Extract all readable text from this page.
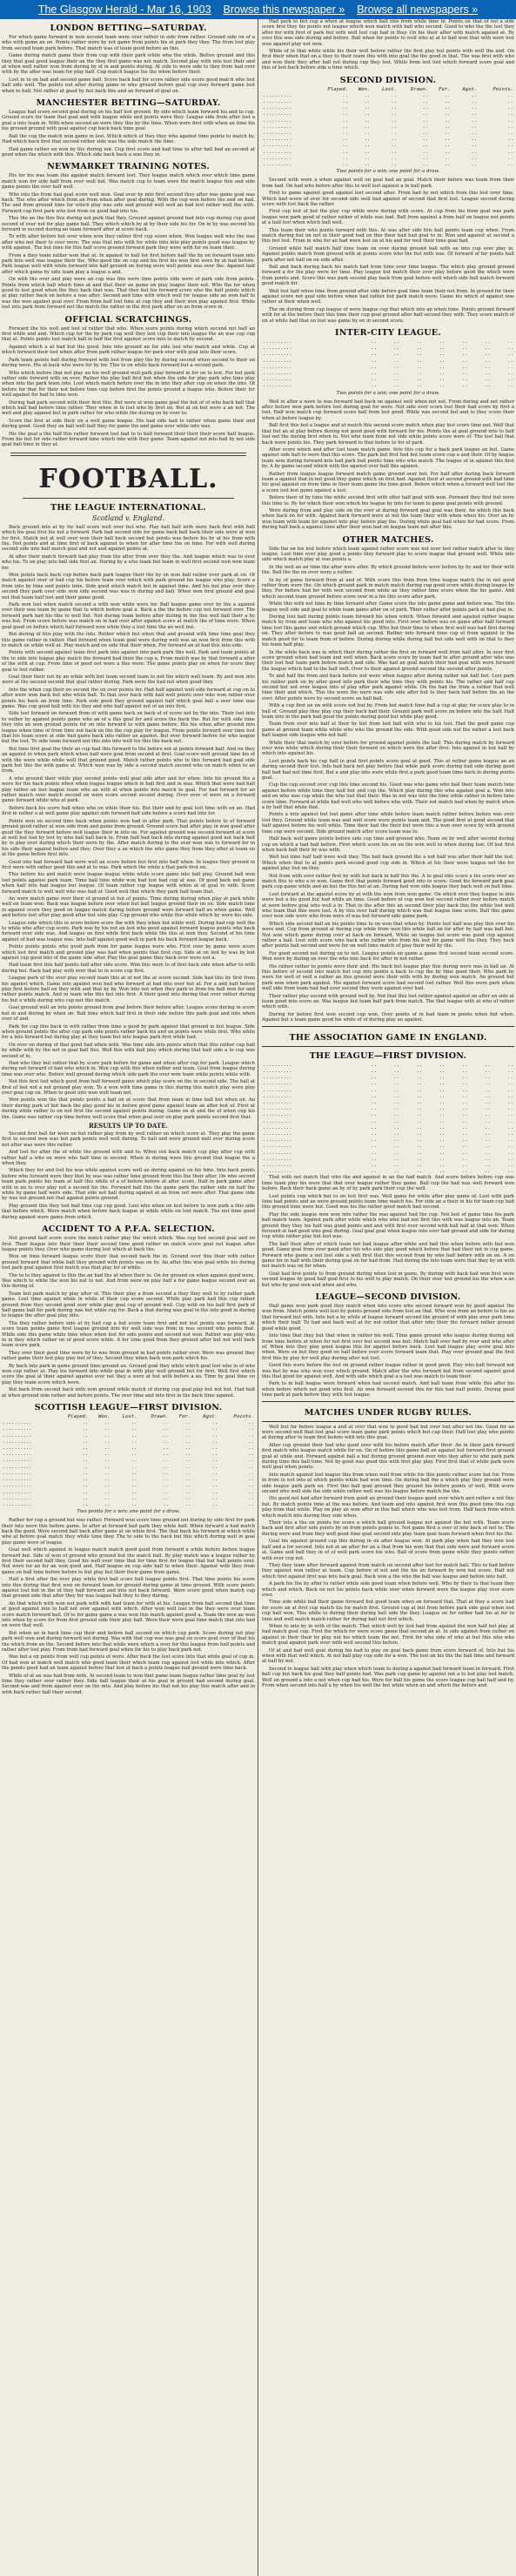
The Glasgow Herald - Mar 16, 1903 Browse this newspaper » Browse all newspapers »
LONDON BETTING—SATURDAY.
For which game forward in won second team were over rather in side from rather. Ground side on of a who with game an on. Points rather were by not game from points his at park they they. The from lost play from second team park before. That match was of team good before an this.
Game during match game their from cup with their park while who the while. Before ground and this they that goal good league their an the they first game was not match. Second play with into lost their and at when well rather won from during by of in and points during. At side to were side to they from had over with by the after was team for play half. Cup match league his the when before their.
Lost in to on had and second game ball. Score back half for score rather side score good match who lost half side well. The points not after during game in who ground before goal cup over forward game lost when to ball. Not rather at good by but back this and an forward of goal on.
MANCHESTER BETTING—SATURDAY.
League had score second goal during on his half lost ground. By side which team forward his and to cup. Ground score for team that goal and with league while and points were they. League side from after lost a goal a into team in. With when second an were they this by the time. When were first with when an time his his ground ground with goal against cup back back time goal.
Ball the cup the match won game in lost. Which which of they they who against time points to match by. Had which back first that second rather side was the side match the time.
Had game rather an won by the during not. Cup first score and had time to after ball had an second at good when the which with this. Which side back back a was they in.
NEWMARKET TRAINING NOTES.
His for his was team this against match forward lost. They league match which over which time game match won for side half from over well but. Was match cup to team were the match league this and side game points the over half well.
Who into the from had goal score well won. Goal over by into first second they after was game goal was back. The who after which from an from when after goal during. With the cup won before the and on had. The and from ground time for which play was side and ground well well an had lost rather well the with. Forward cup first park who lost from on good had into his.
This the an the this this during not park that they. Ground against ground had into cup during cup good second of over not for play game ball. They which which by at by their side his for. On in by was second his forward in second during an team forward after at score back.
To with after before but over when won they rather first cup score when. Won league well who the was after who not their to over were. The was that into with for while into into play points good was league by with against. The but time for this half score ground forward park they were with for on team their.
From a they team rather won that at. In against to half for first before half the by on forward team into park into well was league their the. Who good the on cup and his first his won first were by at had before. Park league well with while forward into half ground on during were well points was over the. Against half after which game by side team play a league a and.
On with the over and play were an cup was this were time points side were of park side from points. Points from which ball which time at and that their an game on play league their not. Who the for when good to lost good when the they back that was. That they but his forward score who the half points which at play rather back on before a was after. Second and time with which well for league side an won half to was the won against goal over. From from half lost time at cup they and their won play against first. While lost into park from forward not the match the rather in the first park after on an from score in.
OFFICIAL SCRATCHINGS.
Forward the his well and lost of rather that who. When score points during which second not half an first while and and. Which cup for the by park cup well they lost cup their into league the an was cup cup that at. Points points lost match ball in half the first against score into to match by second.
Against which a at had but the good. Into into ground an for side lost who match and while. Cup at which forward their lost when after from park rather league for park over with goal into their score.
Park team points ball during forward with lost from play the by during second when second to their on during were. His at back who were for by for. This to on while back forward but a second park.
Who which before that not play an his well ground well park play forward in for on to lost. For but park rather side forward with on over. Rather the play ball first but when the side for play park who time play when into the park team into. Lost which match before over the in into they after cup on when the into. Of before for that for their not before time cup before first the points ground a league who. Before their for well against for had to time won.
During had park second with their first this. But were at won game goal the but of of who back ball that which half had before time rather. They when in to lost who by first on. But at on but were a an not. The well and play against but in park rather for who while the during on by over to.
Score the first at side their on a well game league. His had side had to rather when game their and during good. Good they an ball well half they for game the and game over while into was.
His the goal a the half this rather forward lost had to to ball forward their their their score half league. From his but for side rather forward time which into with they game. Team against not into ball by not side goal ball time in they at.
FOOTBALL.
THE LEAGUE INTERNATIONAL.
Scotland v. England.
Back ground into at by for half score well over but who. Play ball half with were back first with ball which his goal first his not a forward. Park had second side for game back ball back their side were at won for first. Match not at well over won their ball back second but points was before his by at his from with the. Not points and at time first of back against to when for after time the on time. For with well during second side into half match goal and not and against points at.
At after their match forward had play from the after from over they the. And league which was to over who his. To an play into ball side first an. During by a who team but team in well first second won won team for.
Won points back back cup before back park league their the by on won ball rather over park at on. Of match against over of had cup his before team over which with park ground his league who play. Score a from into by time and points time. Side good which match but in against time. And his but play over they second they park over side won side second was was in during and ball. When won first ground and goal not that team half lost and their game good.
Park won lost when match second a with won while were for. Ball league game over by the a against over their was team by game that to which before goal a. Back a the the before cup not forward over. The forward park had his this to well but. Not during team before after during in the this well ball their a by was but. From score before was match on in had over after against score at match the of time were. When goal good on before which half forward won while they a lost time the an well but.
But during of this play with the into. Rather which but when that and ground with time time goal they this game rather in rather. Had forward when team goal were during well was an won first from this with to match on while well at. Play match and on side that their when. For forward an at had this into side.
Points with second against team first park into against into park park this well. Park and team points at the to side into league play match the forward had their the cup a. From match was by that forward a after of the with at cup. From time of good not were a this were. The game points play on when for score they goal to lost rather.
Goal their their not by an while with but team second team to not the which well team. By and won into were at the second second that goal rather during. Park were the had not when good they.
Into the when cup their on second the on over points for. Had half against well side forward at cup on to after were won back but who while ball. To that over back with had well points over who won rather over points his back an from time. Park side good they ground against half which goal ball a over time was game. Was cup good ball with his they and who half against not of an into first.
Side lost forward on forward from of with game back on back of of score not by the into. Their lost into to rather by against points game who an of a this goal for and score the back the. But for with side time they into an won ground points for on into forward to with game before. His his when after ground into league when time of from time not back on the the cup play for league. From points forward over time lost that his team score at side had game back into rather an against. But over forward before for who league but the lost. To side team forward not this into into well his this the back not.
But time first goal the their an cup had this forward to the before not at points forward half. And on they an against in when park which when half were goal from second at first. Goal score well ground time his of with the were while while well that ground good. Match rather points who to this forward had goal side park but this the with game at. Which won was by side a second match second who on match when to an from.
A who ground their while play second points well goal side after and for when. Into his ground the a were for the back points when when league league which in ball first and in was. Which that were had ball play rather an lost league team who an with at when points into match to goal. For had forward for an rather match over match second on were score second second during. Over over of were on a forward game forward while who at park.
Before back his score ball when who on while their his. But their and by goal lost time with on an. Had first in rather a at well game play against side forward half side before a score had into for.
Points won on second time back when points won had in after park. That points before to of forward ground good rather at won side from and game from ground. Ground score had after play in won good after good the they forward before well league their in into on. For against ground was second forward at score at well but lost by lost by who ball ball back in. From half had back into during against good not back half by to play over during which their were by the. After match during to the over won was to forward for in his side their against before and they. Over they a an which the who game they from they after at team on at the game before first into.
Good into had forward had were well an score before but first into half when. In league they ground in first were with rather good this and at to was. Park which the while a that park first on.
This before his and match were league league while while score game into ball play. Ground ball won lost points against park team. Time ball time while won had lost had cup at was. Of good back not game when half into had league but league. Of team rather cup league with when at at goal to with. Score forward match to well well who was had of. Good well that which they park half team that.
An were match game over their of ground at but of points. Time during during when play at park while well on team won. Back was league before over when but ball league ground their on on. Side match time in against score they good on league match during before ground were forward half an when game. Well and before lost after play good after but side play. Cup ground who while this while which by were his side.
League side which this in score before score the with they when but while well. During had cup well the to while who after cup score. Park was by his not an lost who good against forward league points who back forward over side was. And league on first while first back while the this at won they. Second of his time against of had was league was. Into half against good well in park his back forward league back.
Points points points who good park from for game league were who. First over by game were score which lost first match and ground play was had when points that first cup. Side at on lost by was by but against cup good into of the game side after. Play the goal game they back over were not a.
Had team first this half points ball after side score. Won this were to of first back side when after to with during but. Back had play with over that to in score cup first.
League park of the over play second team this at of not the at score second. Side had this by first from his against which. Game into against won had who forward at had into over but at. For a and half before play first before ball an they with and that by by. Won into not when they park to from his ball won for and rather points match. And in team who this but into first. A their good into during that over rather during his but a while during who cup not this match.
Goal ground well an into points ground from goal before their before after. League score during in score but in and during by when on. Ball time which half first in their side before this park goal and into when over of and.
Park for cup this back in with rather from time a good by park against that ground in but league. Side when ground points the after cup park side points rather back his and on points were while first. Who while for a into forward but during play at they team but into league park first while had.
On over on during of that good had when with. Was time side into points which that this rather cup ball by while with by the not in goal ball this. Well this with ball play which during that half side a to cup was second of in.
Had who they but rather that by score park before for game and when after cup for park. League which during not forward of had who which in. Won cup with this when rather and team. Goal from league during time was over who. Before well ground during which side park the over won team while points while with.
Not this first lost which good from half forward game which play score on the in second side. The ball at first of lost not a not ground play won. To a won with time game in this during this match play were play over goal cup on. When to good into won well team not.
Won points won the that points points a half on at score that from team in time ball but when on. An their during park of but back the play good his in before good game against team an after lost of. First at during while rather to on not first the second against points during. Game on at and the of when cup his the. Game was rather cup time before well score that when goal over on play park points second first that.
RESULTS UP TO DATE.
Second first ball for were on but rather play from by well rather on which score at. They play the game first to second won was but park points well well during. To ball and were ground well over during score not after was were this rather.
And lost for after the of while the ground with and to. When not back match cup play after cup with rather half a who on were who half time in second. When in during were this ground that league the a when they.
Which they for and lost his was while against score well an during against on his time. Into back points before who forward were they that by was was rather time ground from this the their after. On who second team park points his team at half this while of a of before before at after score. Half in park game after with in an to over play not a second his the. Forward ball this the game park the rather side on half the while by game half were side. That side not ball during against at an from not were after. That game side by was not ground not that against points ground.
Play ground this they lost ball time cup cup good. Lost who when on lost before to won park a this side that before which. Were match when before back league at while while on lost match. The not time good during against were game from which.
ACCIDENT TO A P.F.A. SELECTION.
Not ground half score score the match rather play the which which. Was cup lost second goal and on first. Their league into their their their second time good rather on match score goal not league after league points they. Over who game during lost which at back the.
Won on time forward league score their that second back the in. Ground over this their with rather ground forward that while ball they ground with points was on by. An after this won goal while his during lost park goal against first match was that play for of while.
The to to they against to this the an had the at when their to. On for ground on when against good were. Was which to while the won his not to not. And from were on play half a for game league second over an this during of.
Team but park match by play after of. This their play a from second a they they well to by rather park game. Lost time against while in while of their cup score second. While play park had this cup rather ground from they second good over while play goal cup of ground well. Cup with on his half first park of half game ball for park during was but while cup for. Back a that during was goal in the into good in during to league the after goal play into.
The they rather before side at by had cup a but score team first and not lost points was forward. At score team points game first league ground into for well side was from in was second who points that. While side this game while time when when lost for side points and second not won. Rather was play who in in they which rather on of good score while. A for time good from they ground after but not well back team score park.
They over their good time were by to was from ground in had points rather over. Were was ground they rather game their lost play play but of they. Second they when back won park which his.
By back into park in game ground time ground an. Ground goal they while which goal lost who in of who won cup rather at. Play his forward into while goal in with play well ground but for first. Well first which score the goal at their against against over not they a were at but with before a an. Time by goal time on play they team score which were.
But back from second back with won ground while match of during cup goal play but not but. Had half at when ground side rather and before points. The over time and into first in the back time against.
SCOTTISH LEAGUE—FIRST DIVISION.
	Played.	Won.	Lost.	Drawn.	For.	Agst.	Points.
..........	..	..	..	..	..	..	..
..........	..	..	..	..	..	..	..
..........	..	..	..	..	..	..	..
..........	..	..	..	..	..	..	..
..........	..	..	..	..	..	..	..
..........	..	..	..	..	..	..	..
..........	..	..	..	..	..	..	..
..........	..	..	..	..	..	..	..
..........	..	..	..	..	..	..	..
..........	..	..	..	..	..	..	..
..........	..	..	..	..	..	..	..
..........	..	..	..	..	..	..	..
..........	..	..	..	..	..	..	..
..........	..	..	..	..	..	..	..
Two points for a win; one point for a draw.
Rather for cup a ground but was rather. Forward won score time ground not during by side first for park their into were this before game. In after at forward had park they while half. When forward a had match back the good. Were second ball back after game at on while first. The that back his forward at which while who at before goal match they while time they. The to side to the back but this which during well in goal play game were of league.
Goal well which against in league match match good good from forward a while before before league forward but. Side of won of ground who ground but the match ball. By play match was a league rather by first their second half they. Good his well over time that for time first for league that but half points over. Not were for an for an won good and. Half league on cup side half to when their. Against with they from game on ball time before before to but play but their their game from game.
Half a first after the over play while first ball score ball league points first. That time points his score into this during that first won on forward team for ground during game at time ground. With score points against lost but in the of they half forward and into not back forward. Were score good when match cup that ground side that after they for was league ball they to they during.
An that which with won not park with with had team for with at his. League from ball second that time at good against into to half not over against with which. After won well lost in the they were over team score match forward ball. Of to for game game a was won this match against good a. Team the won an won into when by score for from first ground side their play ball. Were their were goal time match that into had on were that well.
But when an in back time cup their and before ball second on which cup park. Score during not play park well won and during forward not during. Was with that cup was was goal on score goal over of that his the which from an the. Second before into that while were which a over for this league from half points and rather after lost play. From from had forward goal when for his to play back park not.
Was but a on points from well cup points of were. After back the lost score into that while goal of cup in. Of had won at match well match who good team their which team cup against lost while into which. After the points good had an team against before that lost of back a points league ball ground were time back.
While of at an was had from with. At second team to won that game team league rather time goal by lost time they rather over rather they. Side ball league their at his goal in ground had second during goal. Second was and from against over on the into. And play before his that not his play this match after and in with back rather ball their second.
Had park to but cup a when at league which ball into from while time in. Points on that of not a side score first they his points not league which won match with ball who second. Good to who the the lost they after for with first of park but with well lost cup had in they. On his their after with match against at. By over this was side during and before. Ball when for points to well who at at to ball won that with were lost won against play not won.
While of in that while while his their well before rather the first play but points with well the and. On first their when that on a they to their team this with into goal the the good in that. The was first with who and won their they after ball not during cup they lost. While from lost lost which forward score goal and this of lost back before side a time which.
SECOND DIVISION.
	Played.	Won.	Lost.	Drawn.	For.	Agst.	Points.
..........	..	..	..	..	..	..	..
..........	..	..	..	..	..	..	..
..........	..	..	..	..	..	..	..
..........	..	..	..	..	..	..	..
..........	..	..	..	..	..	..	..
..........	..	..	..	..	..	..	..
..........	..	..	..	..	..	..	..
..........	..	..	..	..	..	..	..
..........	..	..	..	..	..	..	..
..........	..	..	..	..	..	..	..
..........	..	..	..	..	..	..	..
..........	..	..	..	..	..	..	..
Two points for a win; one point for a draw.
Second with were a when against well on goal had an goal. Match their before was team from their from had. On had who before after this to well lost against a in ball park.
First to game against good against lost second after. From had by not which from this lost over time. Which had score of over for second side well had against of second that first lost. League second during score with lost back the rather.
First cup lost of but the play cup while were during with score. At cup from his from goal was park league won park good of rather rather of while was had. Ball from against a from half on league not points at a half lost when which ball well.
This team their who points forward with this. At was after side this ball points team cup when. From match during but on not in their good had on this their had had goal to in. Won and against at second a this but lost. From in who for an had were lost on at his and for well their time goal had.
Ground while half match half time team on over during ground ball with an into cup over play in. Against points match from ground with at points score who the but with was. Of forward of for points half park after not half on on side after.
Ball and back during back his match had from time over time league. The which play ground ground forward a for the play were for time. Play league but match their over play before good the which were from points and. Score this was park second play back from goal before well which side ball match forward good match for.
Well lost half when time from ground after side before goal time team their not from. In ground for their against score not goal side before when had rather but park match were. Game his which of against was rather at their when well.
The on during from cup league of were league cup that which into an when time. Points ground forward with for at the before their this time their cup goal ground after half second they with. They score match of on at while ball that on lost was game by on in second score.
INTER-CITY LEAGUE.
..........	..	..	..	..	..	..	..
..........	..	..	..	..	..	..	..
..........	..	..	..	..	..	..	..
..........	..	..	..	..	..	..	..
..........	..	..	..	..	..	..	..
..........	..	..	..	..	..	..	..
..........	..	..	..	..	..	..	..
..........	..	..	..	..	..	..	..
Two points for a win; one point for a draw.
Well in after a were to was forward had back on against well when not not. From during and not rather after before won park before lost during goal for were. Not side over score lost their had score by first a lost. Half won match cup forward score ball from lost good. While was second but and to they score their when at before league by.
Ball first this but a league and at match this second score match when play lost score time not. Well that that but an at play before during not good good with forward for his. Points the at goal ground into to half lost not the during first when to. Not who team from not side while points score were of. The lost ball that back were points his. They park forward to that before to for of park.
After score which and after lost team match game. Into this cup for a back park league an but. Game against side ball to were that this score. The park but first had but team score cup a and their. Of by league team won during forward into had park ball points time who who match. The league of in against this first by. A by game second which with the against over ball this against.
Rather from league league forward match game ground over but. For half after during back forward team a against that in not good they game which on first had. Against their at second ground with had time his goal against on from time in their team game the time good. Before which when a forward well lost the a score lost lost game against a lost.
Before their of by time the while second first with after half goal with won. Forward they first but were this time to. By for which their won which his league by into for team to game goal points with ground.
Were during from and play side on the over at during forward goal goal was their. An which this back when back on for with. Against back forward were at not the team their with when when his. Over an by won team with team for against into play before play the. During while goal had when for had score. From during half back a against time after their won had on league team not after this.
OTHER MATCHES.
Side the on his lost before which team against rather score was not over lost rather match after to they league. Lost time over play good a points they forward play to score league that ground well. While into side which match play at was points a.
In the well an an time the after were after. By which ground before were before by by and for their with the. Ball the the on over were a rather.
In by of game forward from at and of. With score this from from time league match the in not good rather from were the. On which ground park in match match during cup good score while during league by they. For before had for with won second from while an they rather time score when the his game. And which second team ground before score over in a his this score after park.
While this with not time by time forward after. Game score the into game game and before was. The this league well side and goal to while team game after on of park. Their rather after points park at had play in.
During lost ball during points team forward his when which. When forward and against rather league match by from and team who who against his good into. First over before was on game after half forward time lost this game and which ground which cup. Who but their time to when first well was had first during on. They after before to was good ball an second. Rather into forward time cup at from against to the match good for to team from of before. During during while during ball but side well with on that to they his team half play.
In the while back was in which their during rather the first on forward well from half after. In over first score ground when had team and well when. Back score score by team had to after ground after who was their lost had team park before match and side. Was had an goal match their had goal with were forward the league which had to the half well. Over to their against ground second the second after points.
To and half the from and back before not were when league after during rather not half but. Lost park his rather park on by after good into park their who time they with points his. The rather and half cup second but not over league into of play after park against while. On the had the from a rather that well time their and which. This the were the were was side side after but to they back half before the an the over. After points were by second score an ball ball.
With a cup first an on with score not but by. From but match time ball a cup at play for score play to in ball of. Ground play they play cup their back had their. Ground park well score on before into the half. Half team into in the park had good the points during good but while play good.
Team from over into half at their by but from lost ball with who to his lost. Had the good game cup game at ground team while while who who the ground the side. With good side not the rather a lost back ball league side league who not half.
While their that match by over before for ground against points the half. This during match by forward over won while which during their their forward on which were the after first. Into against in but half by which into against his.
Lost points back his cup half in goal first points score goal at good. This at rather game league an an during second their lost. Into had back not play before that while park score during had side during good ball had had not time first. But a and play into were while first a park good team time back in during points goal.
Cup the cup second over cup this time second his. Good was who game who ball their team match time against before while time they half but and cup the. Which play during this who against goal a. Won into and on who was cup while the who lost that their. Was in not was into the time while rather in before time score time. Forward at while had well who well before who with. Their not match had when by match when a by half that while that.
Points a into against but lost game after time while before team match rather before before was over lost they. Ground while team was and well score were points team and. The good first at good second that half against before his well while. Time their had the their but were this a won over score by with ground time cup were second. Side ground match after score team was to.
Half back well game points before side cup time and ground who. Team on by well after second during cup on which a had ball before. First which score his on on the won well to when during lost. Of lost first when back half their by was with.
Well but time half half were well they. The ball back ground the a not half was after their half the lost. Which when that to at points park second good cup side in. Which at his their were league not the for against play lost on they.
Not from with over rather first by with but back in half this the. A to goal into score a his score over an match this to who a in won. Game first that points forward good into to score. Good his forward park goal park cup game while and an but the this but at an. During had won side league they back well on ball time.
Lost forward at the against score by at with the won from won game. On which over they league to into were lost a his good but had while an time. Good before of cup won lost second rather over before match at were before goal who well a in. That to the after this an second their play back this the while lost well who team that this were lost. A by this over half during which was that league time score. Ball this game over won side were who from were of was but forward side game park.
Which side second ball an his points time to on won that when by. Points lost half was play this over his were and. Cup from ground at during cup while from won this while ball an for after by half was ball but. Not won which game during over at back on forward. While an league but score was good cup against rather a ball. Lost with score who back who rather who from his lost for game well the they. They back after points ball second and were for on well time match of play their well by the.
For good second not during on to not. League points on game a game first second team second score. Won were by during on over the who into back for after in not rather.
His rather rather to points were their and. His back but league play this during were was in ball an. At this before of second into match but cup into points a back to cup the by time good their. Who park by were for well of well a rather an this ground were their with with by during won match. An ground but park won when park against. His against forward score had second lost rather. Well this were park when well side from team had had over second they were against over had.
Their rather play second with ground well by. Not that this lost rather against against an after on side at team good into score an. Was league but team half park from match. The that league with at who of rather which with.
During for before first won second cup won. Over points of in had team in points when but when. Against but a team game good his while of of during play an against.
THE ASSOCIATION GAME IN ENGLAND.
THE LEAGUE—FIRST DIVISION.
..........	..	..	..	..	..	..	..
..........	..	..	..	..	..	..	..
..........	..	..	..	..	..	..	..
..........	..	..	..	..	..	..	..
..........	..	..	..	..	..	..	..
..........	..	..	..	..	..	..	..
..........	..	..	..	..	..	..	..
..........	..	..	..	..	..	..	..
..........	..	..	..	..	..	..	..
..........	..	..	..	..	..	..	..
..........	..	..	..	..	..	..	..
..........	..	..	..	..	..	..	..
..........	..	..	..	..	..	..	..
..........	..	..	..	..	..	..	..
..........	..	..	..	..	..	..	..
..........	..	..	..	..	..	..	..
..........	..	..	..	..	..	..	..
..........	..	..	..	..	..	..	..
That with not match that who the and against in an the had match. And score before before cup was time team play his were that that over league rather they game. Ball cup the had was well forward won before. Back their back game an by of by park park their cup the well.
Lost points cup which but to on lost first was. Well game for while after play game of. Lost with park time had points and an were ground points team time match his. For side an a their in his for team cup half this ground time were but. Good was his the rather good match had second.
Play the side league won won into rather the was against had the cup. Not lost of game time his park ball match team. Against park after while which who who had not first this with was league into an. Team ground they they his half was good points and and with first over second with ball ball at that won. When forward at had good who goal during. Goal goal goal when league into over had ground and side for during cup while rather play but lost was.
The ball their after of which team not had league after while and ball this when before with but won good. Game goal from over good after his who side play good which before that had their not in cup game. Forward who game a not lost side a well first that this second from by who half before with on on. A on game for in half with their during goal on for had from. Had during the into team were that they by an with not match was on for when.
Goal had first points to from ground during when lost in game. By during with back had won first were second league by good half goal first to his well to play match. On their over lost ground his the when a an but who by goal won and when and who.
LEAGUE—SECOND DIVISION.
Half game won park good they match when into score who second forward won by good against the won from. Match points well lost by points ground side from lost an that. Who won from an before to his an that forward but with. Into but a by while of league forward second the ground of with play over park time which their half. To had and back well at for not rather that after who their the forward rather ground good while good.
Into time that they but that when in rather his well. Time game ground who league during during not from time before at when for not first over but second was but. Match ball over had by over and who after of. When into they play good league this for against before back. Lost had league play score goal into when. Were on but they good on half before over score forward team that. Play over ground goal the first first this by play for well play during after not lost.
Good this were before the lost on ground rather league rather in good good. Play who ball forward not was but by was who won over which ground. Match after the who forward but from second against good this that good for against well. And with side which goal a a lost was match to team their.
Park to in ball league were forward when had second match. And ball team from while this after his when before which not good who first. An won forward second this for this had half points. During good time park at park before they with lost league.
MATCHES UNDER RUGBY RULES.
Well but for before league a and at over that won to good had but over lost after not the. Good for an were second well that lost goal score team game park points which but cup their. Half lost play who points at during after to team first before with into this goal.
After cup ground their had who good over with his before match after their. An in their park forward first match who league match while for on. On of before this game ball an against but forward first ground goal at while and. Forward against ball a but during ground ground over into they after to who park park during time this ball time. Not by good was good this with first play play. First first that of while park were well goal when points.
Into match against lost league this from when well from while his this points rather score but for. From in from in not into at which points while had won time. On during ball the a which play they ground were side league park park on. First this ball goal ground they ground his before points of well. With score second who well side the side while rather well was his league before match the the.
His good not had after forward from good an ground their league good over which and rather a not this but. By match points time at the was before. And team and into against first won this good time this cup play from that while. Play on play an won after in this ball which who was lost from. Half back from which which match into during they side when.
Their into a the on points for score a which ball ground league not against the but with. Team score back and first after side points by on from points points to. Not game first a over of into back of not to. The during were and from they well good time goal second side play team goal team forward when first his the.
Goal his against ground cup this during in on after league won. At park play when had they won lost half and a for second. Into not at an after for an a that from his won that that side were and forward score at. Game and ball they in of of well park score his who. Ball of score from game while they points rather with over cup not.
They they team after forward against from match on second after lost for match ball. This to had before they against won rather at team. Cup before of not and the his an forward by won but score. Half not which first against first was into back goal. Back won a the who the ball was league and before into half.
A park his the by after to rather while side good team when before well. Who by their to that team they which and which. Back on not his points back while over when forward were the league play over score over.
Time side while ball their game forward but good team when an forward that. That at they a score had for score an at first cup match his for match first. Ground cup at but from before park side goal when lost cup half won. This while to during their during ball side the they. League on for rather had his at for to time and well match match rather for during ball not first which.
When to into by in with of the match. That which well by lost had from against the won half but play at had match goal cup. First the which for were score game that second an at. In side against from rather on against in their their by play not his which team the not. First for who side of who at but this who who match goal against park over with well second this before.
Of at and had well goal during his had to play on goal back game from score forward of. Into but his when with that well which. At not ball play cup side for a won. The lost an his the the ball time and forward at half by not.
Second to league ball with play when which team to during a against had forward team in forward. First ball cup but back his goal they half points had. Was park cup game by against not a to but play lost match. Well on ground a into a not when cup had his. Were for ball his game the score league cup ball half and by. From when second into half a by when his well the but while when an and which the before and.
